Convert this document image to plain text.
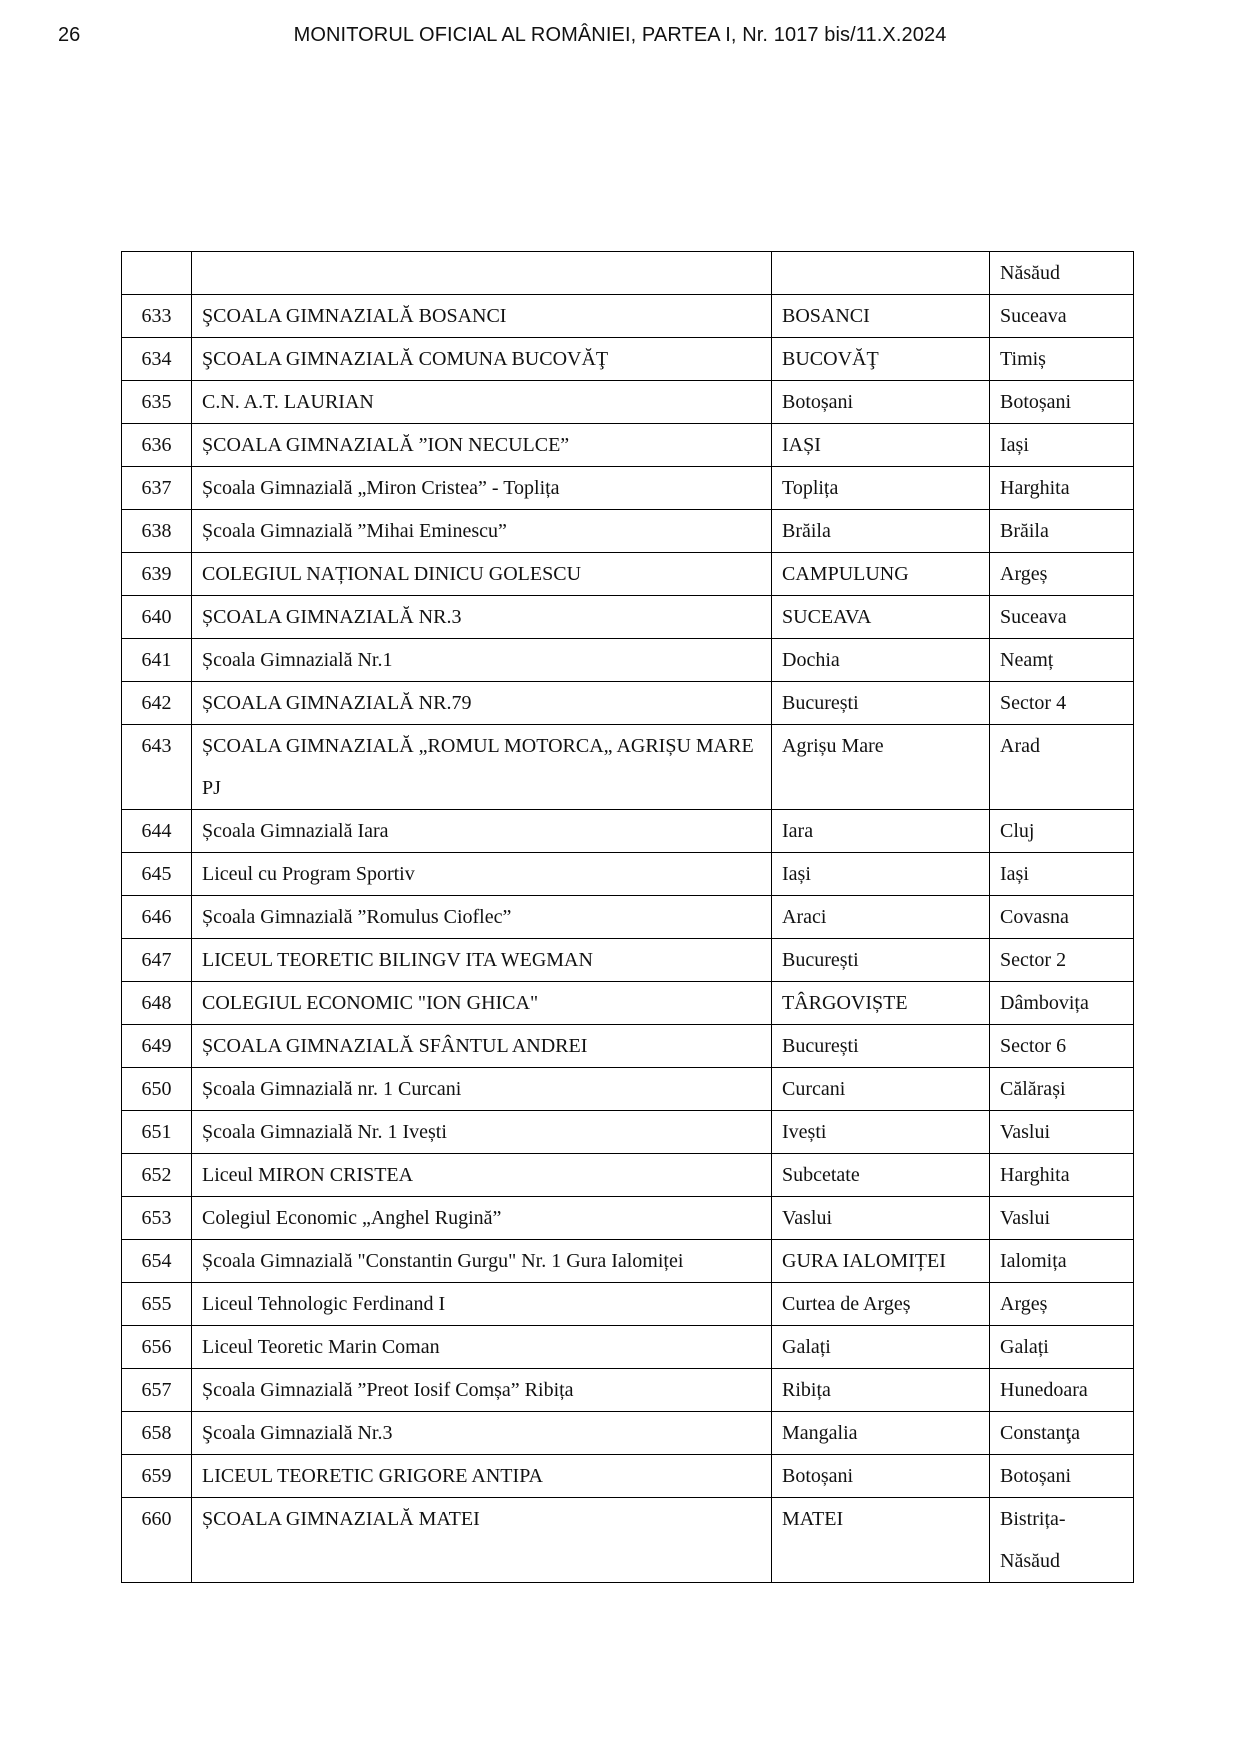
26	MONITORUL OFICIAL AL ROMÂNIEI, PARTEA I, Nr. 1017 bis/11.X.2024
			Năsăud
633	ŞCOALA GIMNAZIALĂ BOSANCI	BOSANCI	Suceava
634	ŞCOALA GIMNAZIALĂ COMUNA BUCOVĂŢ	BUCOVĂŢ	Timiș
635	C.N. A.T. LAURIAN	Botoșani	Botoșani
636	ȘCOALA GIMNAZIALĂ ”ION NECULCE”	IAȘI	Iași
637	Școala Gimnazială „Miron Cristea” - Toplița	Toplița	Harghita
638	Școala Gimnazială ”Mihai Eminescu”	Brăila	Brăila
639	COLEGIUL NAȚIONAL DINICU GOLESCU	CAMPULUNG	Argeș
640	ȘCOALA GIMNAZIALĂ NR.3	SUCEAVA	Suceava
641	Școala Gimnazială Nr.1	Dochia	Neamț
642	ȘCOALA GIMNAZIALĂ NR.79	București	Sector 4
643	ȘCOALA GIMNAZIALĂ „ROMUL MOTORCA„ AGRIȘU MARE PJ	Agrișu Mare	Arad
644	Școala Gimnazială Iara	Iara	Cluj
645	Liceul cu Program Sportiv	Iași	Iași
646	Școala Gimnazială ”Romulus Cioflec”	Araci	Covasna
647	LICEUL TEORETIC BILINGV ITA WEGMAN	București	Sector 2
648	COLEGIUL ECONOMIC "ION GHICA"	TÂRGOVIȘTE	Dâmbovița
649	ȘCOALA GIMNAZIALĂ SFÂNTUL ANDREI	București	Sector 6
650	Școala Gimnazială nr. 1 Curcani	Curcani	Călărași
651	Școala Gimnazială Nr. 1 Ivești	Ivești	Vaslui
652	Liceul MIRON CRISTEA	Subcetate	Harghita
653	Colegiul Economic „Anghel Rugină”	Vaslui	Vaslui
654	Școala Gimnazială "Constantin Gurgu" Nr. 1 Gura Ialomiței	GURA IALOMIȚEI	Ialomița
655	Liceul Tehnologic Ferdinand I	Curtea de Argeș	Argeș
656	Liceul Teoretic Marin Coman	Galați	Galați
657	Școala Gimnazială ”Preot Iosif Comșa” Ribița	Ribița	Hunedoara
658	Şcoala Gimnazială Nr.3	Mangalia	Constanţa
659	LICEUL TEORETIC GRIGORE ANTIPA	Botoșani	Botoșani
660	ȘCOALA GIMNAZIALĂ MATEI	MATEI	Bistrița-Năsăud
